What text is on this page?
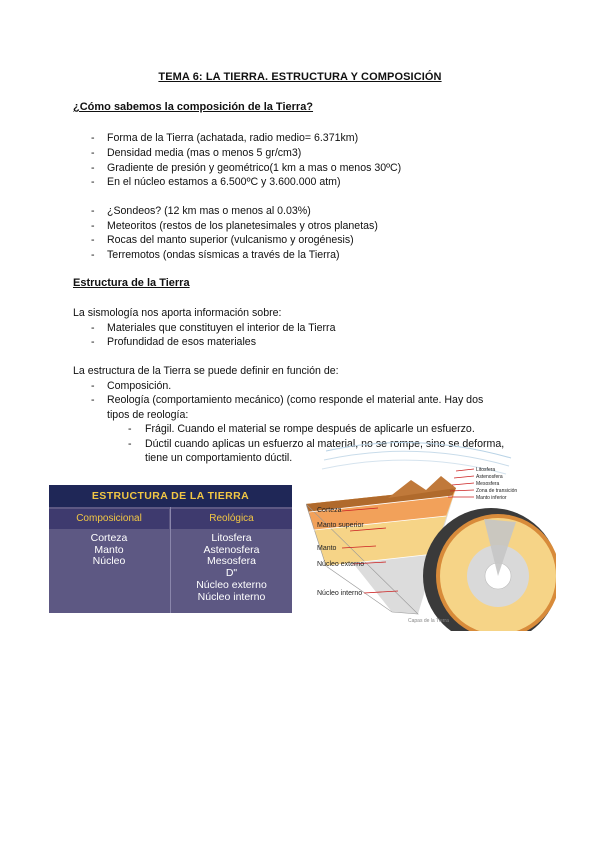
TEMA 6: LA TIERRA. ESTRUCTURA Y COMPOSICIÓN
¿Cómo sabemos la composición de la Tierra?
- Forma de la Tierra (achatada, radio medio= 6.371km)
- Densidad media (mas o menos 5 gr/cm3)
- Gradiente de presión y geométrico(1 km a mas o menos 30ºC)
- En el núcleo estamos a 6.500ºC y 3.600.000 atm)
- ¿Sondeos? (12 km mas o menos al 0.03%)
- Meteoritos (restos de los planetesimales y otros planetas)
- Rocas del manto superior (vulcanismo y orogénesis)
- Terremotos (ondas sísmicas a través de la Tierra)
Estructura de la Tierra
La sismología nos aporta información sobre:
- Materiales que constituyen el interior de la Tierra
- Profundidad de esos materiales
La estructura de la Tierra se puede definir en función de:
- Composición.
- Reología (comportamiento mecánico) (como responde el material ante. Hay dos
tipos de reología:
- Frágil. Cuando el material se rompe después de aplicarle un esfuerzo.
- Dúctil cuando aplicas un esfuerzo al material, no se rompe, sino se deforma,
tiene un comportamiento dúctil.
ESTRUCTURA DE LA TIERRA
Composicional	Reológica
Corteza
Manto
Núcleo
Litosfera
Astenosfera
Mesosfera
D"
Núcleo externo
Núcleo interno
Corteza
Manto superior
Manto
Núcleo externo
Núcleo interno
Litosfera
Astenosfera
Mesosfera
Zona de transición
Manto inferior
Capas de la Tierra
